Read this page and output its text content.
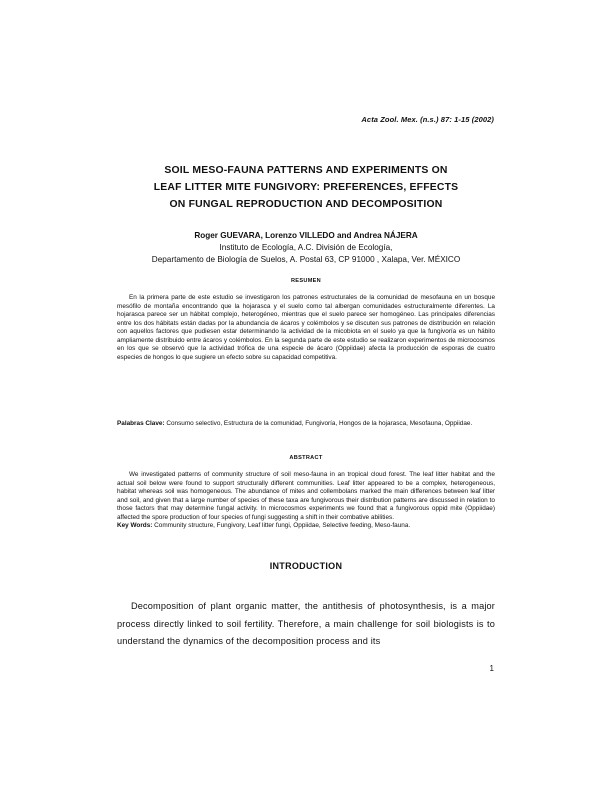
Acta Zool. Mex. (n.s.) 87: 1-15 (2002)
SOIL MESO-FAUNA PATTERNS AND EXPERIMENTS ON
LEAF LITTER MITE FUNGIVORY: PREFERENCES, EFFECTS
ON FUNGAL REPRODUCTION AND DECOMPOSITION
Roger GUEVARA, Lorenzo VILLEDO and Andrea NÁJERA
Instituto de Ecología, A.C. División de Ecología,
Departamento de Biología de Suelos, A. Postal 63, CP 91000 , Xalapa, Ver. MÉXICO
RESUMEN

En la primera parte de este estudio se investigaron los patrones estructurales de la comunidad de mesofauna en un bosque mesófilo de montaña encontrando que la hojarasca y el suelo como tal albergan comunidades estructuralmente diferentes. La hojarasca parece ser un hábitat complejo, heterogéneo, mientras que el suelo parece ser homogéneo. Las principales diferencias entre los dos hábitats están dadas por la abundancia de ácaros y colémbolos y se discuten sus patrones de distribución en relación con aquellos factores que pudiesen estar determinando la actividad de la micobiota en el suelo ya que la fungivoría es un hábito ampliamente distribuido entre ácaros y colémbolos. En la segunda parte de este estudio se realizaron experimentos de microcosmos en los que se observó que la actividad trófica de una especie de ácaro (Oppiidae) afecta la producción de esporas de cuatro especies de hongos lo que sugiere un efecto sobre su capacidad competitiva.

Palabras Clave: Consumo selectivo, Estructura de la comunidad, Fungivoría, Hongos de la hojarasca, Mesofauna, Oppiidae.

ABSTRACT

We investigated patterns of community structure of soil meso-fauna in an tropical cloud forest. The leaf litter habitat and the actual soil below were found to support structurally different communities. Leaf litter appeared to be a complex, heterogeneous, habitat whereas soil was homogeneous. The abundance of mites and collembolans marked the main differences between leaf litter and soil, and given that a large number of species of these taxa are fungivorous their distribution patterns are discussed in relation to those factors that may determine fungal activity. In microcosmos experiments we found that a fungivorous oppid mite (Oppiidae) affected the spore production of four species of fungi suggesting a shift in their combative abilities.

Key Words: Community structure, Fungivory, Leaf litter fungi, Oppiidae, Selective feeding, Meso-fauna.

INTRODUCTION

Decomposition of plant organic matter, the antithesis of photosynthesis, is a major process directly linked to soil fertility. Therefore, a main challenge for soil biologists is to understand the dynamics of the decomposition process and its

1
